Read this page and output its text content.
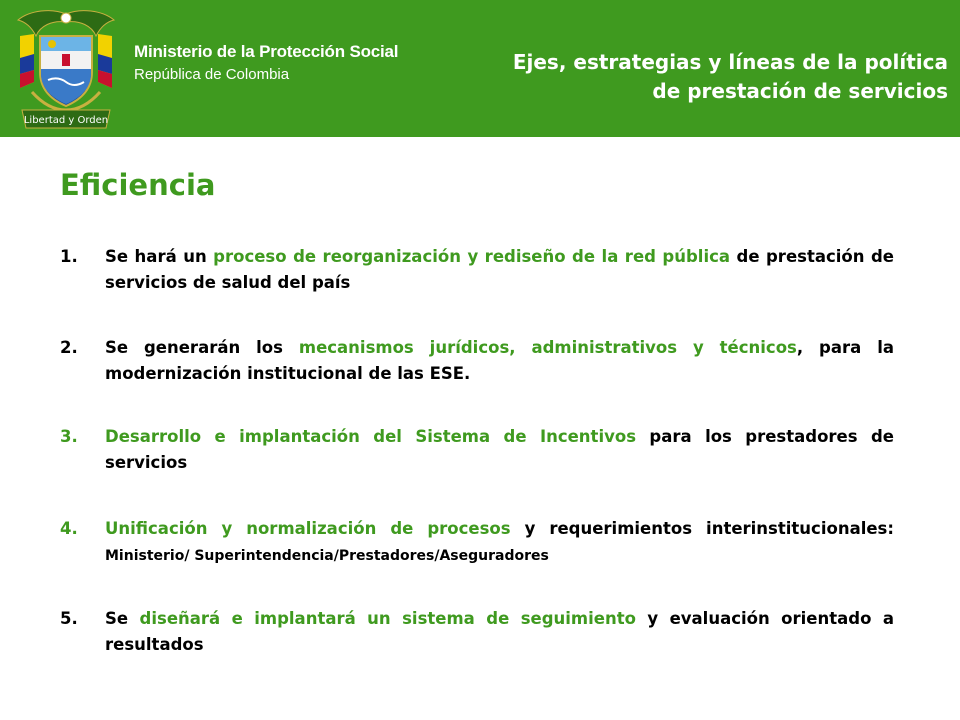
Libertad y Orden
Ministerio de la Protección Social
República de Colombia
Ejes, estrategias y líneas de la política
de prestación de servicios
Eficiencia
1.	Se hará un proceso de reorganización y rediseño de la red pública de prestación de servicios de salud del país
2.	Se generarán los mecanismos jurídicos, administrativos y técnicos, para la modernización institucional de las ESE.
3.	Desarrollo e implantación del Sistema de Incentivos para los prestadores de servicios
4.	Unificación y normalización de procesos y requerimientos interinstitucionales: Ministerio/ Superintendencia/Prestadores/Aseguradores
5.	Se diseñará e implantará un sistema de seguimiento y evaluación orientado a resultados
